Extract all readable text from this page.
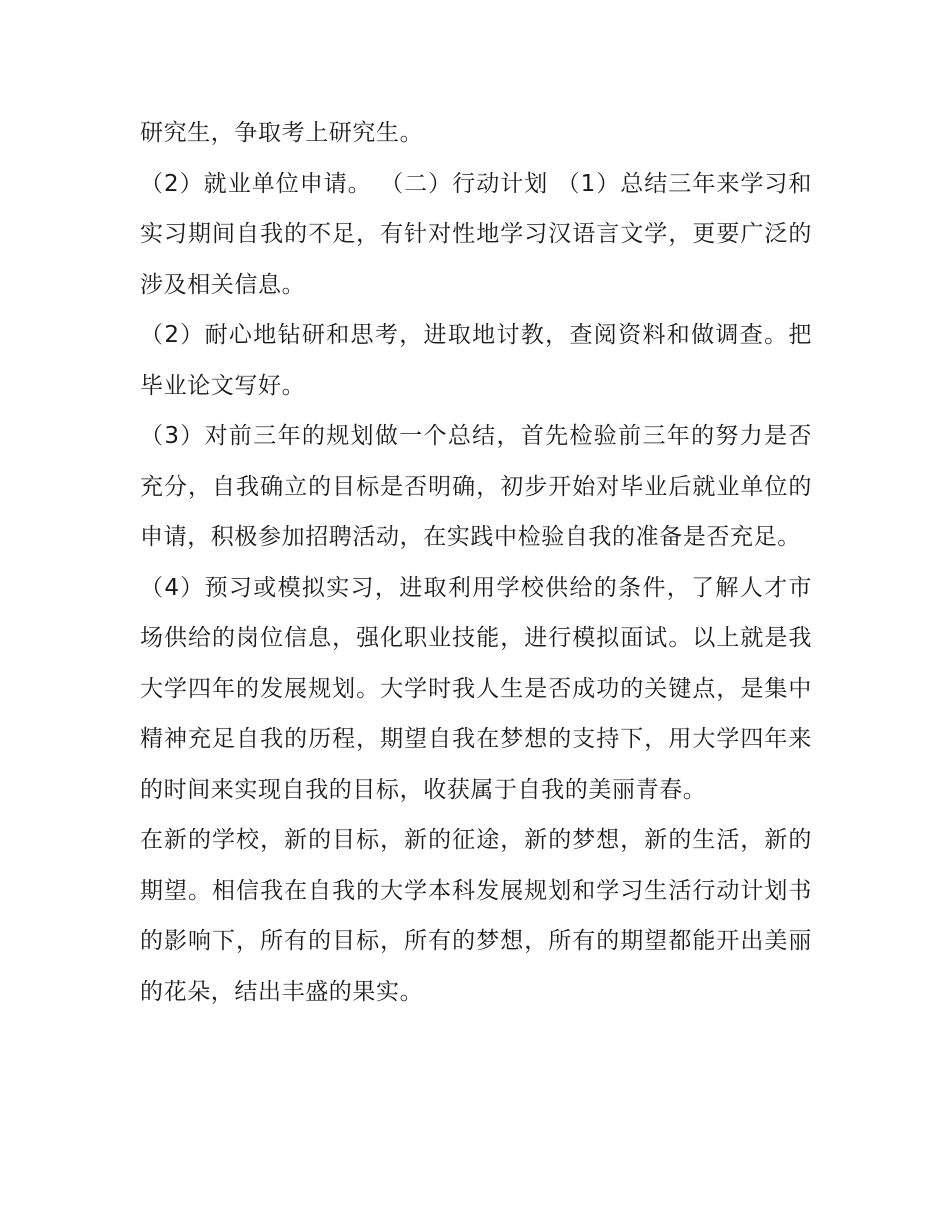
研究生，争取考上研究生。

（2）就业单位申请。 （二）行动计划 （1）总结三年来学习和实习期间自我的不足，有针对性地学习汉语言文学，更要广泛的涉及相关信息。

（2）耐心地钻研和思考，进取地讨教，查阅资料和做调查。把毕业论文写好。

（3）对前三年的规划做一个总结，首先检验前三年的努力是否充分，自我确立的目标是否明确，初步开始对毕业后就业单位的申请，积极参加招聘活动，在实践中检验自我的准备是否充足。

（4）预习或模拟实习，进取利用学校供给的条件，了解人才市场供给的岗位信息，强化职业技能，进行模拟面试。以上就是我大学四年的发展规划。大学时我人生是否成功的关键点，是集中精神充足自我的历程，期望自我在梦想的支持下，用大学四年来的时间来实现自我的目标，收获属于自我的美丽青春。

在新的学校，新的目标，新的征途，新的梦想，新的生活，新的期望。相信我在自我的大学本科发展规划和学习生活行动计划书的影响下，所有的目标，所有的梦想，所有的期望都能开出美丽的花朵，结出丰盛的果实。
